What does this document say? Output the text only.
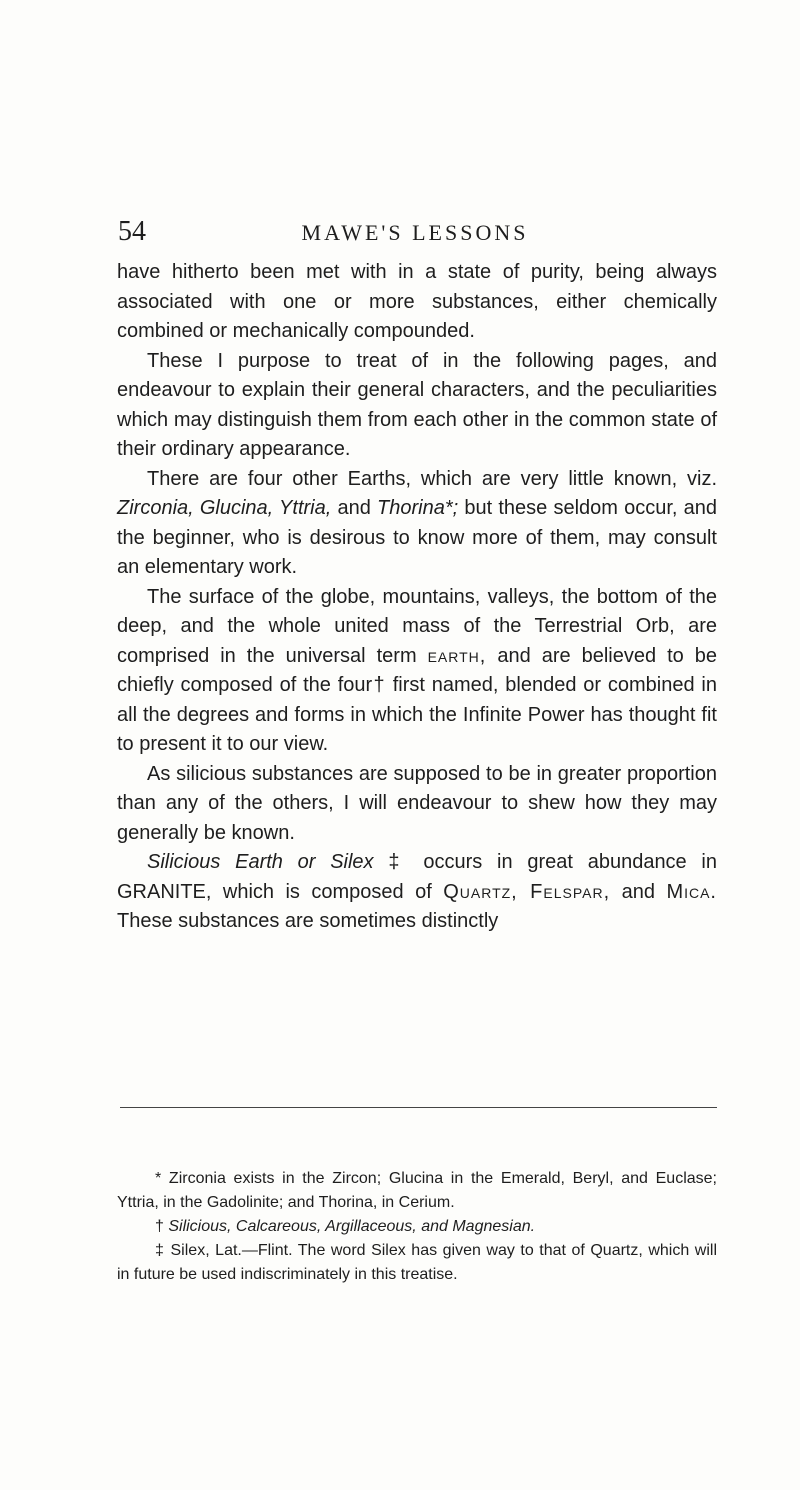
54	MAWE'S LESSONS

have hitherto been met with in a state of purity, being always associated with one or more substances, either chemically combined or mechanically compounded.

These I purpose to treat of in the following pages, and endeavour to explain their general characters, and the peculiarities which may distinguish them from each other in the common state of their ordinary appearance.

There are four other Earths, which are very little known, viz. Zirconia, Glucina, Yttria, and Thorina*; but these seldom occur, and the beginner, who is desirous to know more of them, may consult an elementary work.

The surface of the globe, mountains, valleys, the bottom of the deep, and the whole united mass of the Terrestrial Orb, are comprised in the universal term earth, and are believed to be chiefly composed of the four† first named, blended or combined in all the degrees and forms in which the Infinite Power has thought fit to present it to our view.

As silicious substances are supposed to be in greater proportion than any of the others, I will endeavour to shew how they may generally be known.

Silicious Earth or Silex ‡ occurs in great abundance in GRANITE, which is composed of Quartz, Felspar, and Mica. These substances are sometimes distinctly

* Zirconia exists in the Zircon; Glucina in the Emerald, Beryl, and Euclase; Yttria, in the Gadolinite; and Thorina, in Cerium.

† Silicious, Calcareous, Argillaceous, and Magnesian.

‡ Silex, Lat.—Flint. The word Silex has given way to that of Quartz, which will in future be used indiscriminately in this treatise.
